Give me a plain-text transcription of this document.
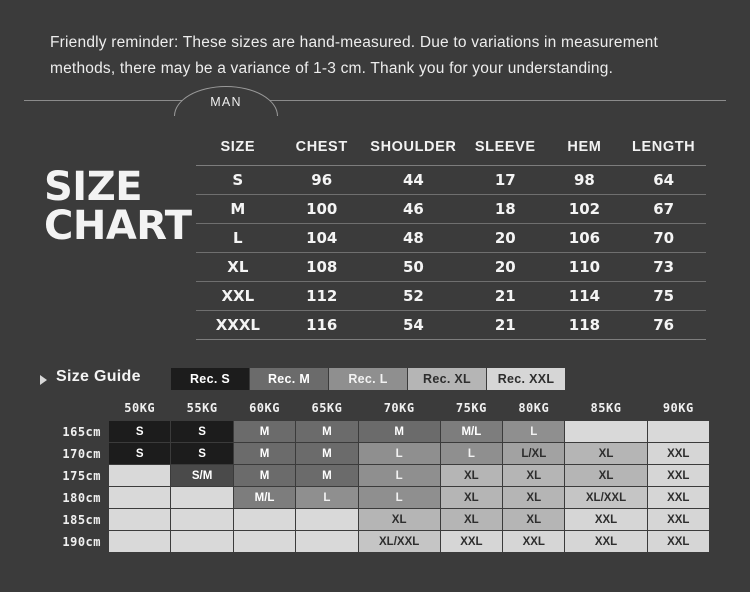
Friendly reminder: These sizes are hand-measured. Due to variations in measurement methods, there may be a variance of 1-3 cm. Thank you for your understanding.
MAN
SIZE
CHART
SIZE	CHEST	SHOULDER	SLEEVE	HEM	LENGTH
S	96	44	17	98	64
M	100	46	18	102	67
L	104	48	20	106	70
XL	108	50	20	110	73
XXL	112	52	21	114	75
XXXL	116	54	21	118	76
Size Guide	Rec. S	Rec. M	Rec. L	Rec. XL	Rec. XXL
	50KG	55KG	60KG	65KG	70KG	75KG	80KG	85KG	90KG
165cm	S	S	M	M	M	M/L	L		
170cm	S	S	M	M	L	L	L/XL	XL	XXL
175cm		S/M	M	M	L	XL	XL	XL	XXL
180cm			M/L	L	L	XL	XL	XL/XXL	XXL
185cm					XL	XL	XL	XXL	XXL
190cm					XL/XXL	XXL	XXL	XXL	XXL
